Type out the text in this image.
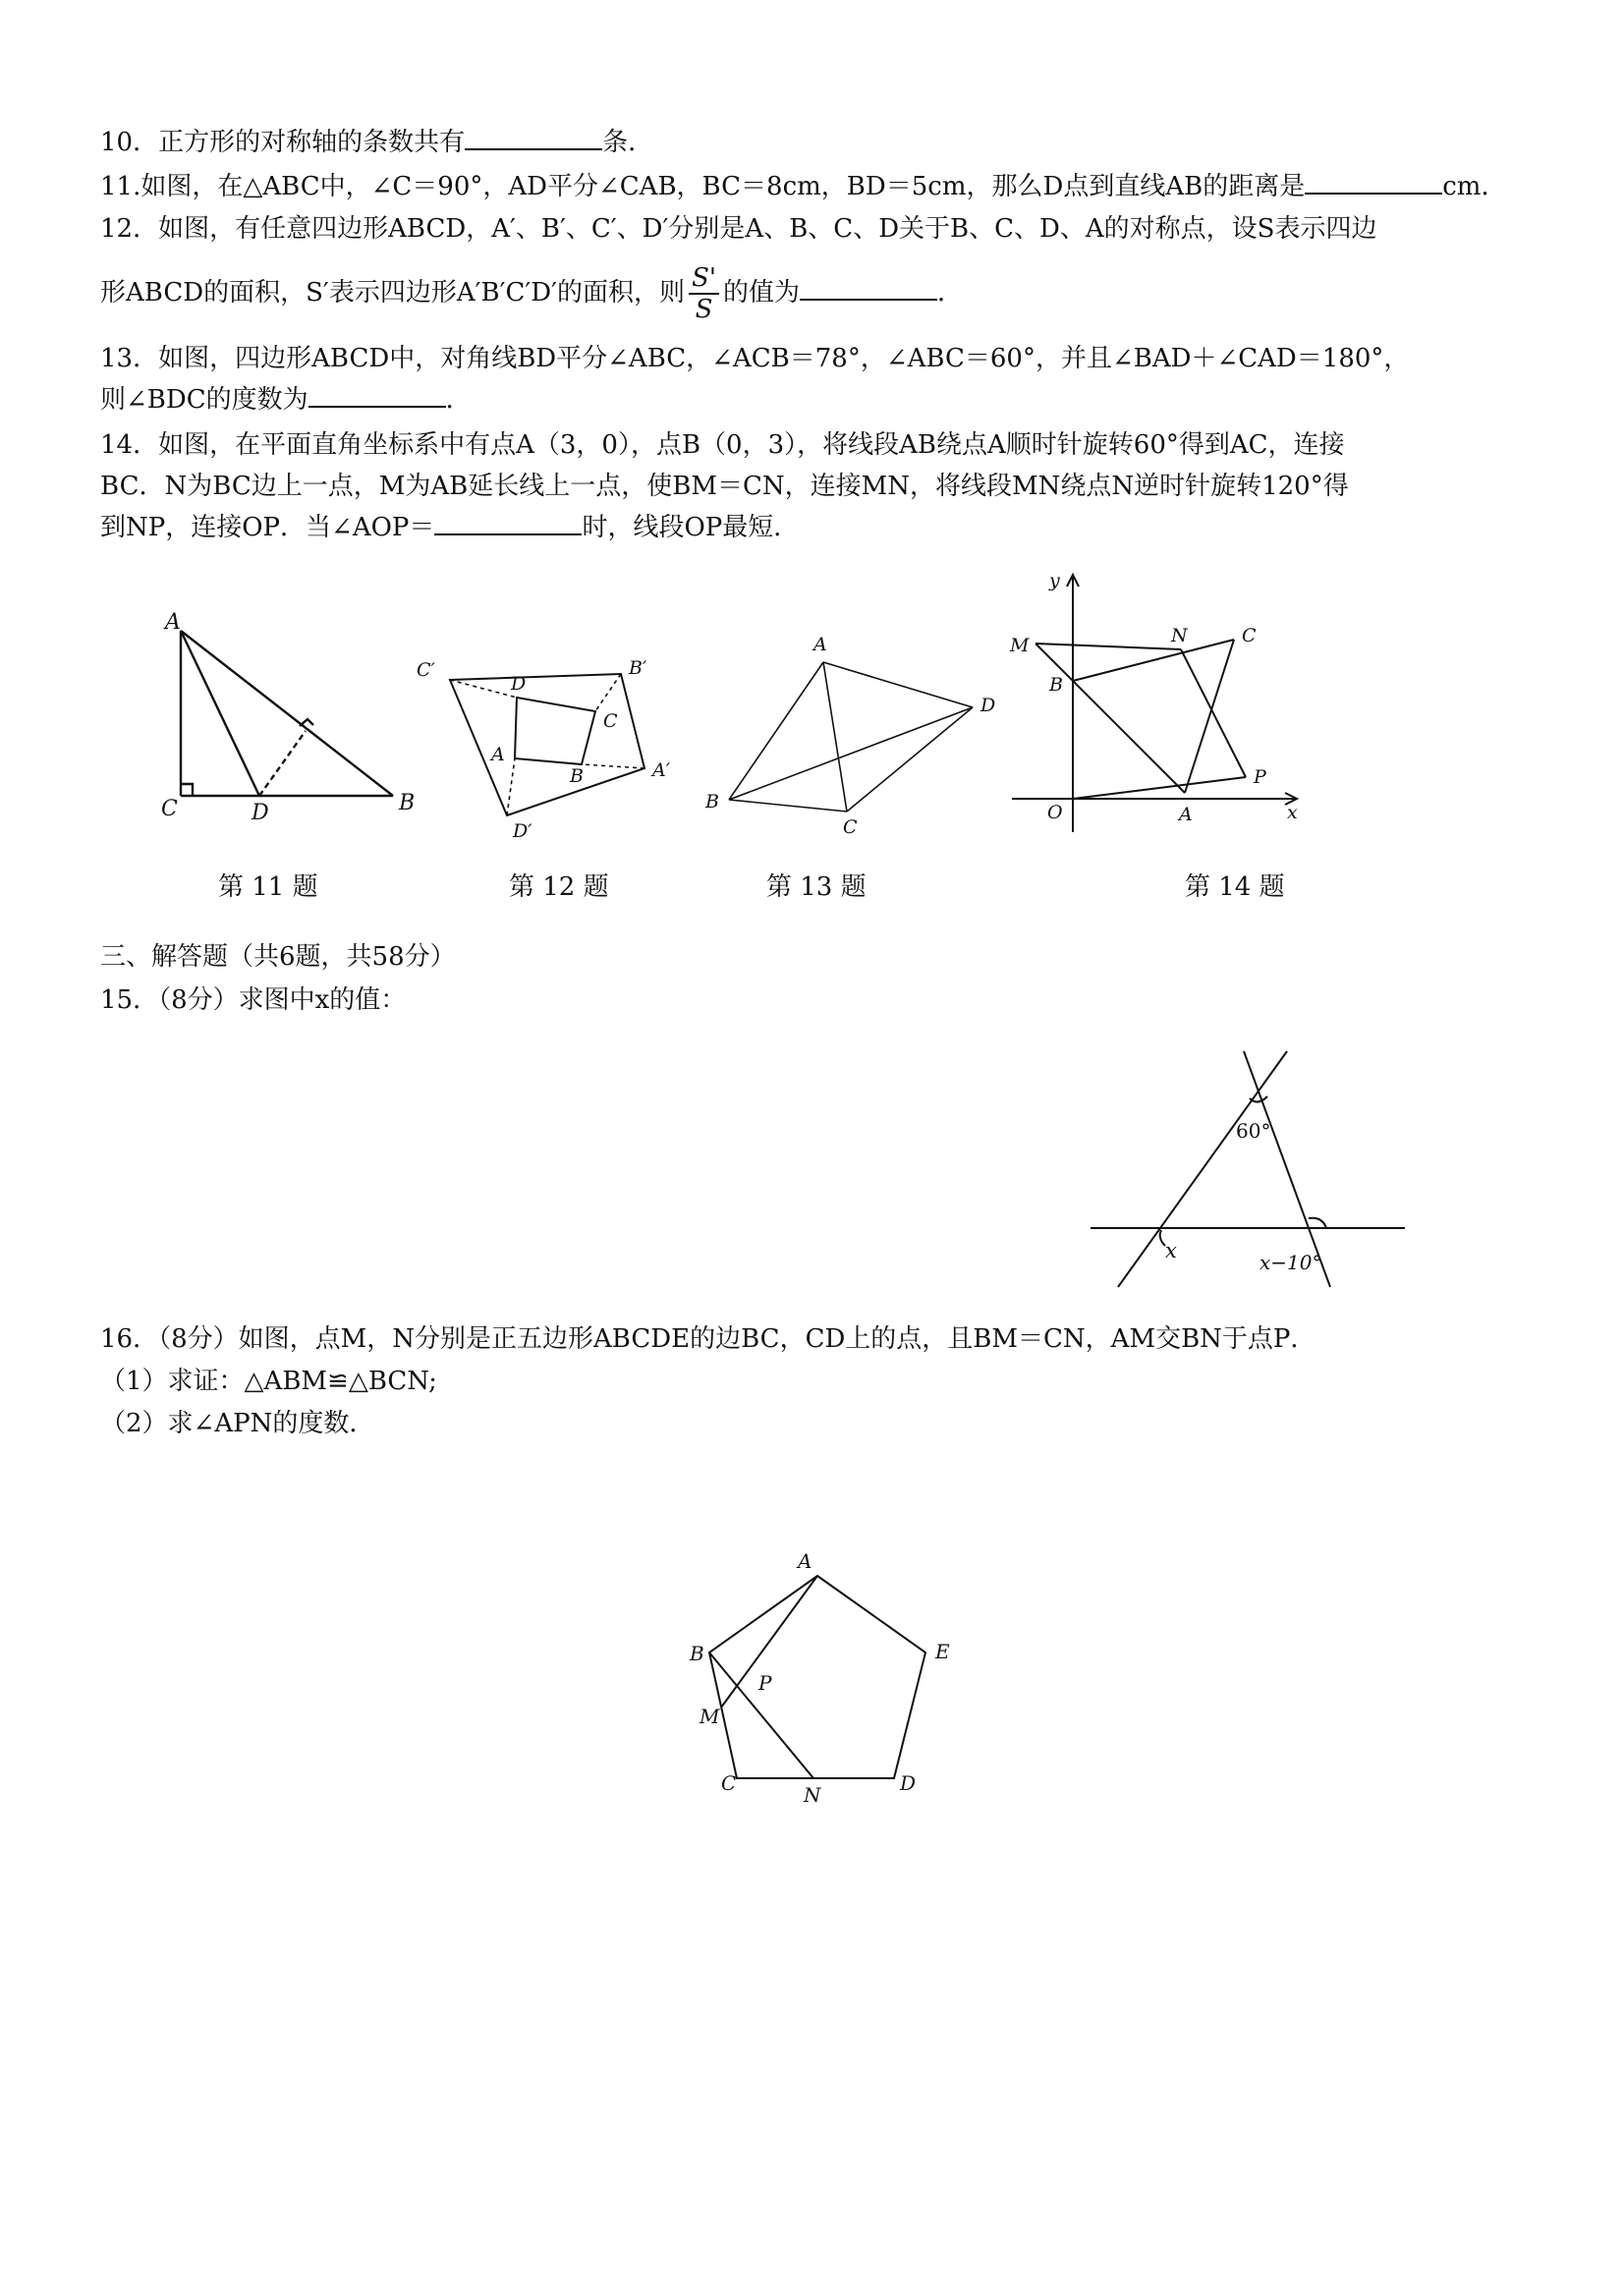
10．正方形的对称轴的条数共有	条．
11.如图，在△ABC中，∠C＝90°，AD平分∠CAB，BC＝8cm，BD＝5cm，那么D点到直线AB的距离是	cm．
12．如图，有任意四边形ABCD，A′、B′、C′、D′分别是A、B、C、D关于B、C、D、A的对称点，设S表示四边
形ABCD的面积，S′表示四边形A′B′C′D′的面积，则 $\frac{S'}{S}$ 的值为	．
13．如图，四边形ABCD中，对角线BD平分∠ABC，∠ACB＝78°，∠ABC＝60°，并且∠BAD＋∠CAD＝180°，
则∠BDC的度数为	．
14．如图，在平面直角坐标系中有点A（3，0），点B（0，3），将线段AB绕点A顺时针旋转60°得到AC，连接
BC．N为BC边上一点，M为AB延长线上一点，使BM＝CN，连接MN，将线段MN绕点N逆时针旋转120°得
到NP，连接OP．当∠AOP＝	时，线段OP最短．
A
C	D	B
第 11 题
C′
D
B′
C
A
B	A′
D′
第 12 题
A
B
C
D
第 13 题
y
x
O	A
B
C
M	N
P
第 14 题
三、解答题（共6题，共58分）
15．（8分）求图中x的值：
60°
x	x−10°
16．（8分）如图，点M，N分别是正五边形ABCDE的边BC，CD上的点，且BM＝CN，AM交BN于点P．
（1）求证：△ABM≌△BCN;
（2）求∠APN的度数．
A
B	E
P
M
C	D
N
